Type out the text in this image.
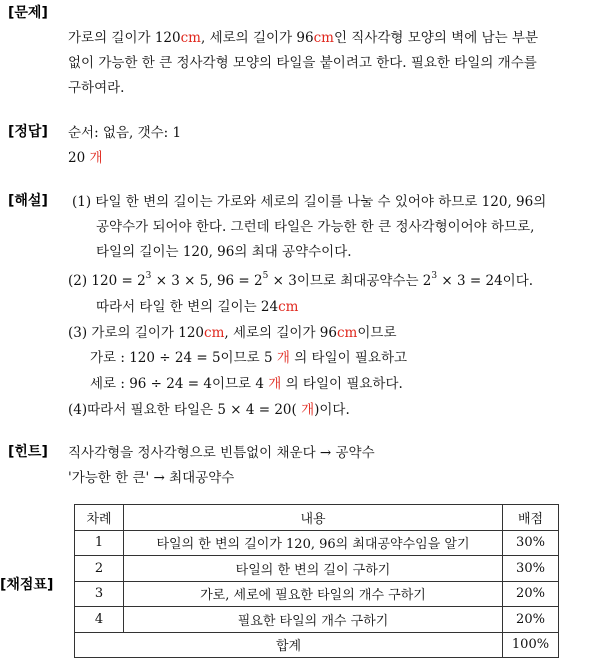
[문제]
가로의 길이가 120cm, 세로의 길이가 96cm인 직사각형 모양의 벽에 남는 부분
없이 가능한 한 큰 정사각형 모양의 타일을 붙이려고 한다. 필요한 타일의 개수를
구하여라.
[정답] 순서: 없음, 갯수: 1
20 개
[해설] (1) 타일 한 변의 길이는 가로와 세로의 길이를 나눌 수 있어야 하므로 120, 96의
공약수가 되어야 한다. 그런데 타일은 가능한 한 큰 정사각형이어야 하므로,
타일의 길이는 120, 96의 최대 공약수이다.
(2) $120 = 2^3 \times 3 \times 5$, $96 = 2^5 \times 3$이므로 최대공약수는 $2^3 \times 3 = 24$이다.
따라서 타일 한 변의 길이는 24cm
(3) 가로의 길이가 120cm, 세로의 길이가 96cm이므로
가로 : 120 ÷ 24 = 5이므로 5 개 의 타일이 필요하고
세로 : 96 ÷ 24 = 4이므로 4 개 의 타일이 필요하다.
(4)따라서 필요한 타일은 5 × 4 = 20( 개)이다.
[힌트] 직사각형을 정사각형으로 빈틈없이 채운다 → 공약수
'가능한 한 큰' → 최대공약수
[채점표]
차례	내용	배점
1	타일의 한 변의 길이가 120, 96의 최대공약수임을 알기	30%
2	타일의 한 변의 길이 구하기	30%
3	가로, 세로에 필요한 타일의 개수 구하기	20%
4	필요한 타일의 개수 구하기	20%
합계		100%
